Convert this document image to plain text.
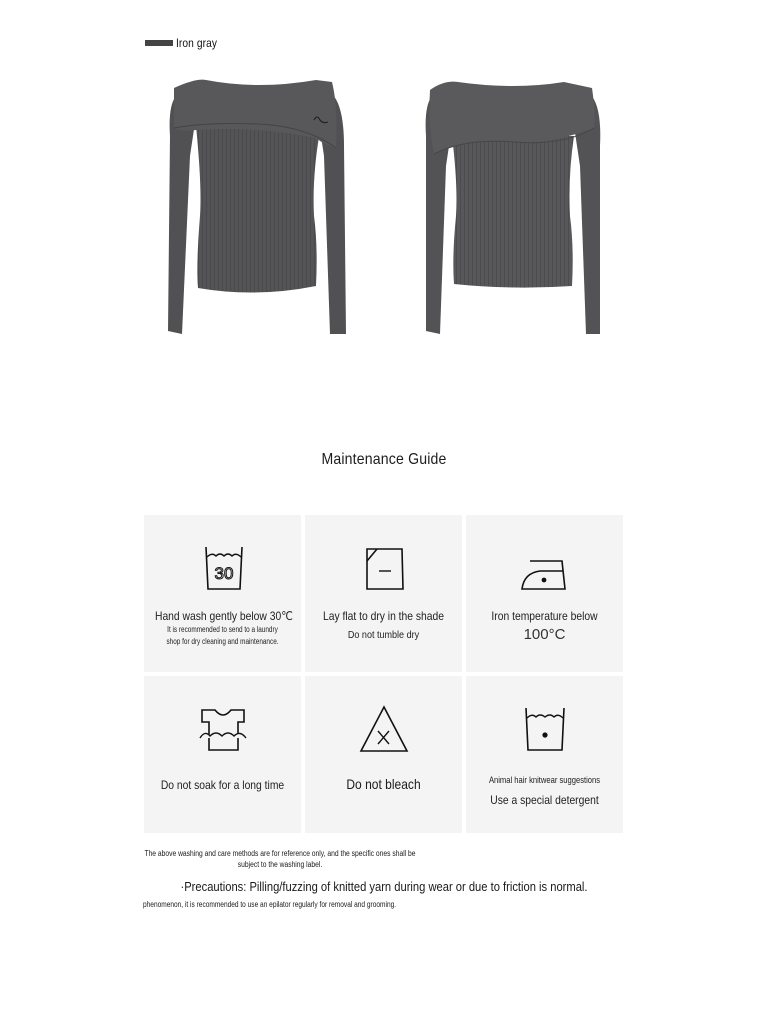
Iron gray
Maintenance Guide
30
Hand wash gently below 30℃
It is recommended to send to a laundry shop for dry cleaning and maintenance.
Lay flat to dry in the shade
Do not tumble dry
Iron temperature below
100°C
Do not soak for a long time	Do not bleach	Animal hair knitwear suggestions
Use a special detergent
The above washing and care methods are for reference only, and the specific ones shall be subject to the washing label.
·Precautions: Pilling/fuzzing of knitted yarn during wear or due to friction is normal.
phenomenon, it is recommended to use an epilator regularly for removal and grooming.
